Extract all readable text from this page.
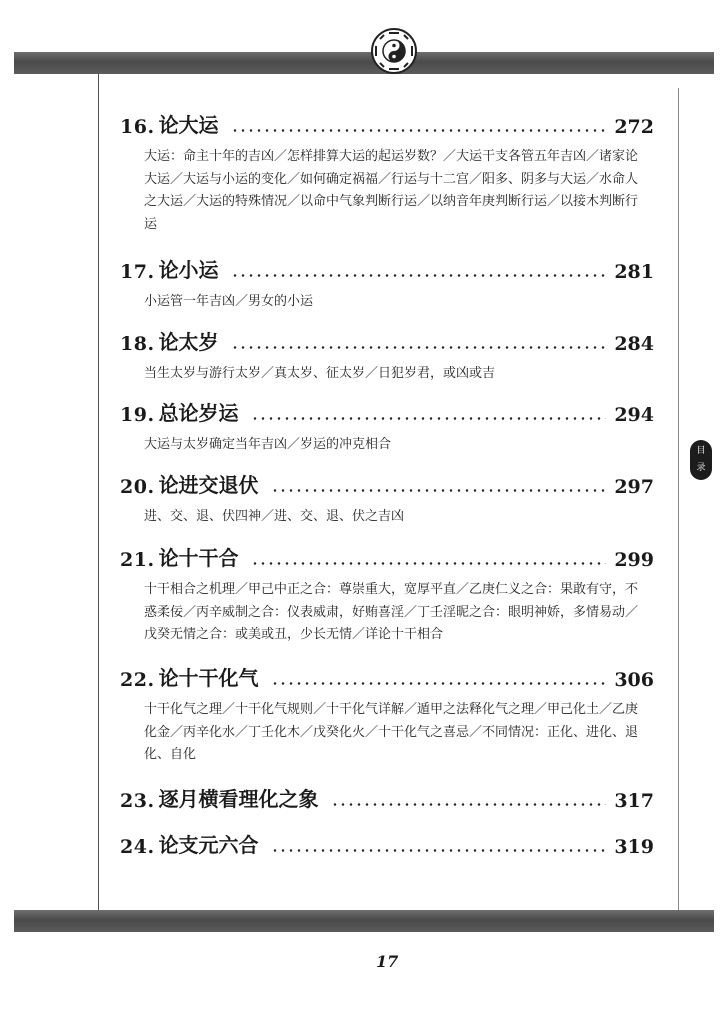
16. 论大运	272
大运：命主十年的吉凶／怎样排算大运的起运岁数？／大运干支各管五年吉凶／诸家论大运／大运与小运的变化／如何确定祸福／行运与十二宫／阳多、阴多与大运／水命人之大运／大运的特殊情况／以命中气象判断行运／以纳音年庚判断行运／以接木判断行运
17. 论小运	281
小运管一年吉凶／男女的小运
18. 论太岁	284
当生太岁与游行太岁／真太岁、征太岁／日犯岁君，或凶或吉
19. 总论岁运	294
大运与太岁确定当年吉凶／岁运的冲克相合
20. 论进交退伏	297
进、交、退、伏四神／进、交、退、伏之吉凶
21. 论十干合	299
十干相合之机理／甲己中正之合：尊崇重大，宽厚平直／乙庚仁义之合：果敢有守，不惑柔佞／丙辛威制之合：仪表威肃，好贿喜淫／丁壬淫昵之合：眼明神娇，多情易动／戊癸无情之合：或美或丑，少长无情／详论十干相合
22. 论十干化气	306
十干化气之理／十干化气规则／十干化气详解／遁甲之法释化气之理／甲己化土／乙庚化金／丙辛化水／丁壬化木／戊癸化火／十干化气之喜忌／不同情况：正化、进化、退化、自化
23. 逐月横看理化之象	317
24. 论支元六合	319
目
录
17
